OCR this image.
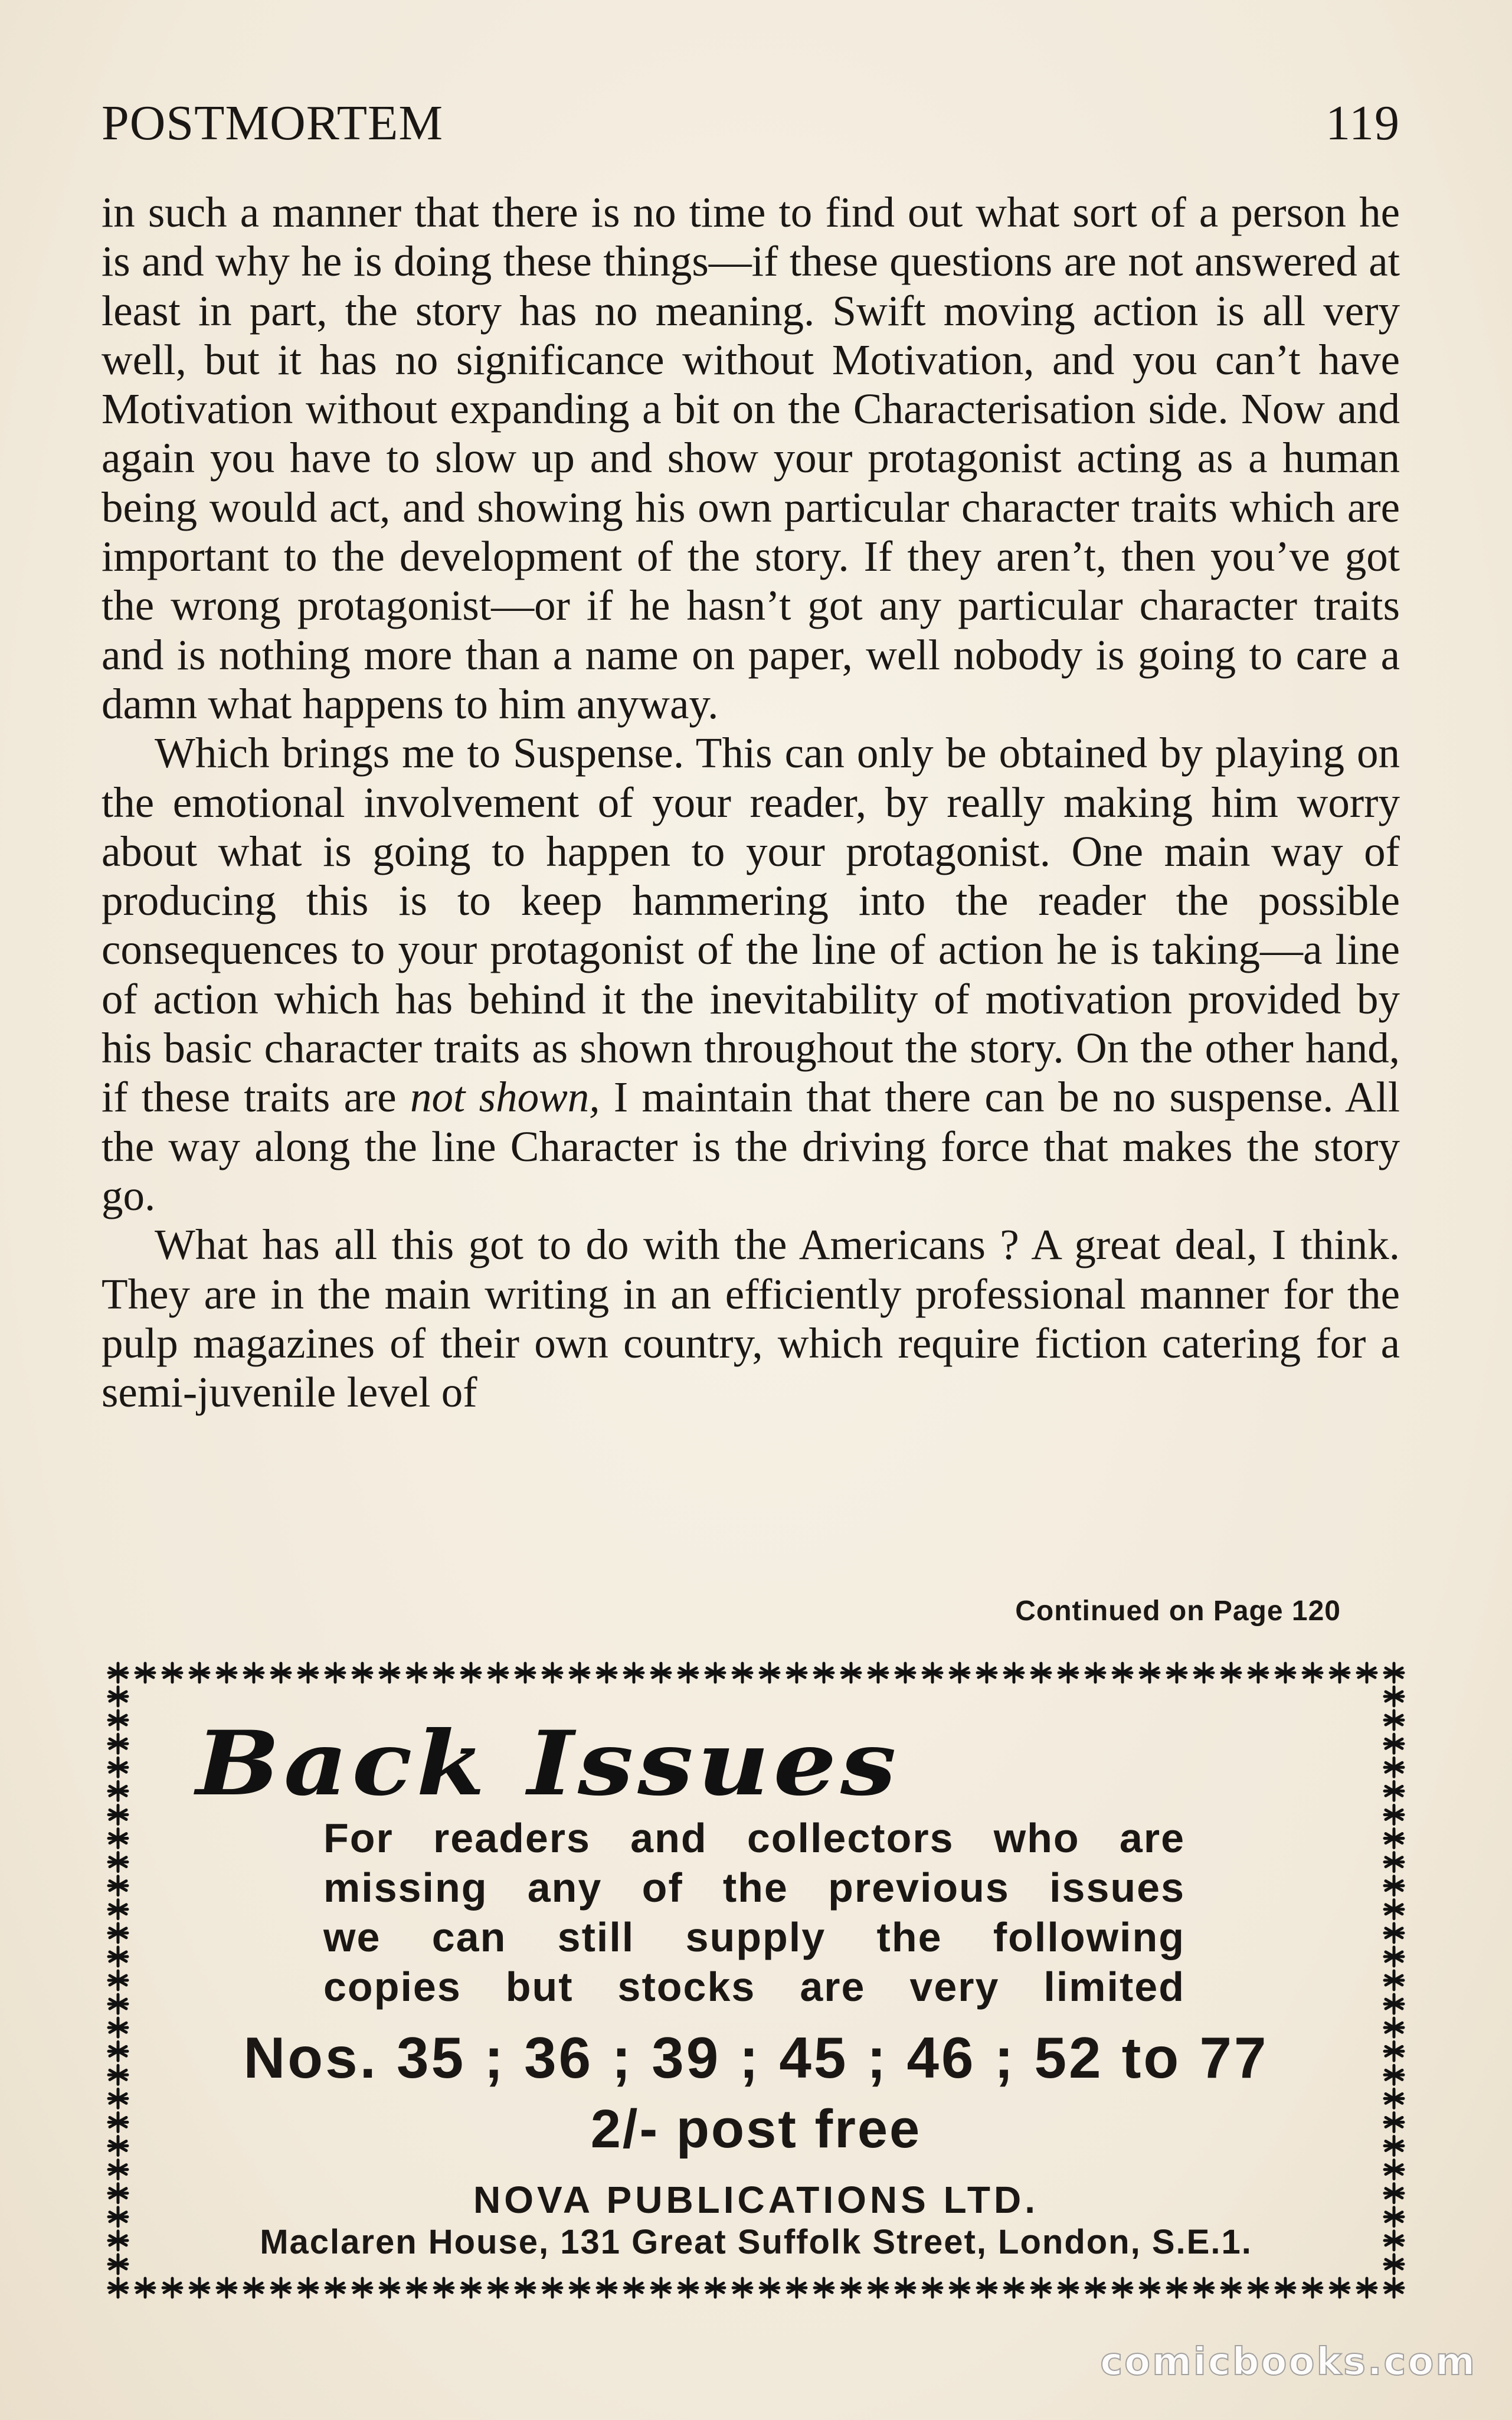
POSTMORTEM	119

in such a manner that there is no time to find out what sort of a person he is and why he is doing these things—if these questions are not answered at least in part, the story has no meaning. Swift moving action is all very well, but it has no significance without Motivation, and you can’t have Motivation without expanding a bit on the Characterisation side. Now and again you have to slow up and show your protagonist acting as a human being would act, and showing his own particular character traits which are important to the development of the story. If they aren’t, then you’ve got the wrong protagonist—or if he hasn’t got any particular character traits and is nothing more than a name on paper, well nobody is going to care a damn what happens to him anyway.

Which brings me to Suspense. This can only be obtained by playing on the emotional involvement of your reader, by really making him worry about what is going to happen to your protagonist. One main way of producing this is to keep hammering into the reader the possible consequences to your protagonist of the line of action he is taking—a line of action which has behind it the inevitability of motivation provided by his basic character traits as shown throughout the story. On the other hand, if these traits are not shown, I maintain that there can be no suspense. All the way along the line Character is the driving force that makes the story go.

What has all this got to do with the Americans ? A great deal, I think. They are in the main writing in an efficiently professional manner for the pulp magazines of their own country, which require fiction catering for a semi-juvenile level of

Continued on Page 120
Back Issues
For readers and collectors who are
missing any of the previous issues
we can still supply the following
copies but stocks are very limited
Nos. 35 ; 36 ; 39 ; 45 ; 46 ; 52 to 77
2/- post free
NOVA PUBLICATIONS LTD.
Maclaren House, 131 Great Suffolk Street, London, S.E.1.
comicbooks.com
